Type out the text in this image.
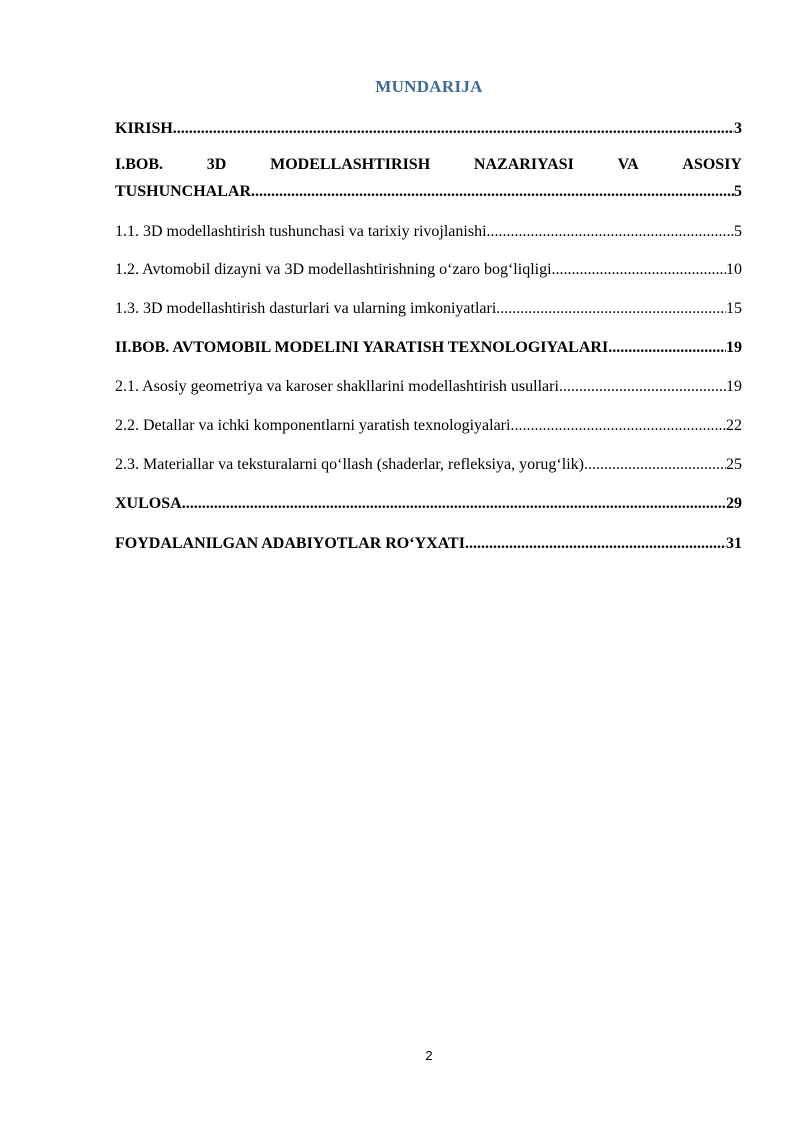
MUNDARIJA
KIRISH .....	3
I.BOB.	3D	MODELLASHTIRISH	NAZARIYASI	VA	ASOSIY
TUSHUNCHALAR .....	5
1.1. 3D modellashtirish tushunchasi va tarixiy rivojlanishi .....	5
1.2. Avtomobil dizayni va 3D modellashtirishning o‘zaro bog‘liqligi .....	10
1.3. 3D modellashtirish dasturlari va ularning imkoniyatlari .....	15
II.BOB. AVTOMOBIL MODELINI YARATISH TEXNOLOGIYALARI .....	19
2.1. Asosiy geometriya va karoser shakllarini modellashtirish usullari .....	19
2.2. Detallar va ichki komponentlarni yaratish texnologiyalari .....	22
2.3. Materiallar va teksturalarni qo‘llash (shaderlar, refleksiya, yorug‘lik) .....	25
XULOSA .....	29
FOYDALANILGAN ADABIYOTLAR RO‘YXATI .....	31
2
